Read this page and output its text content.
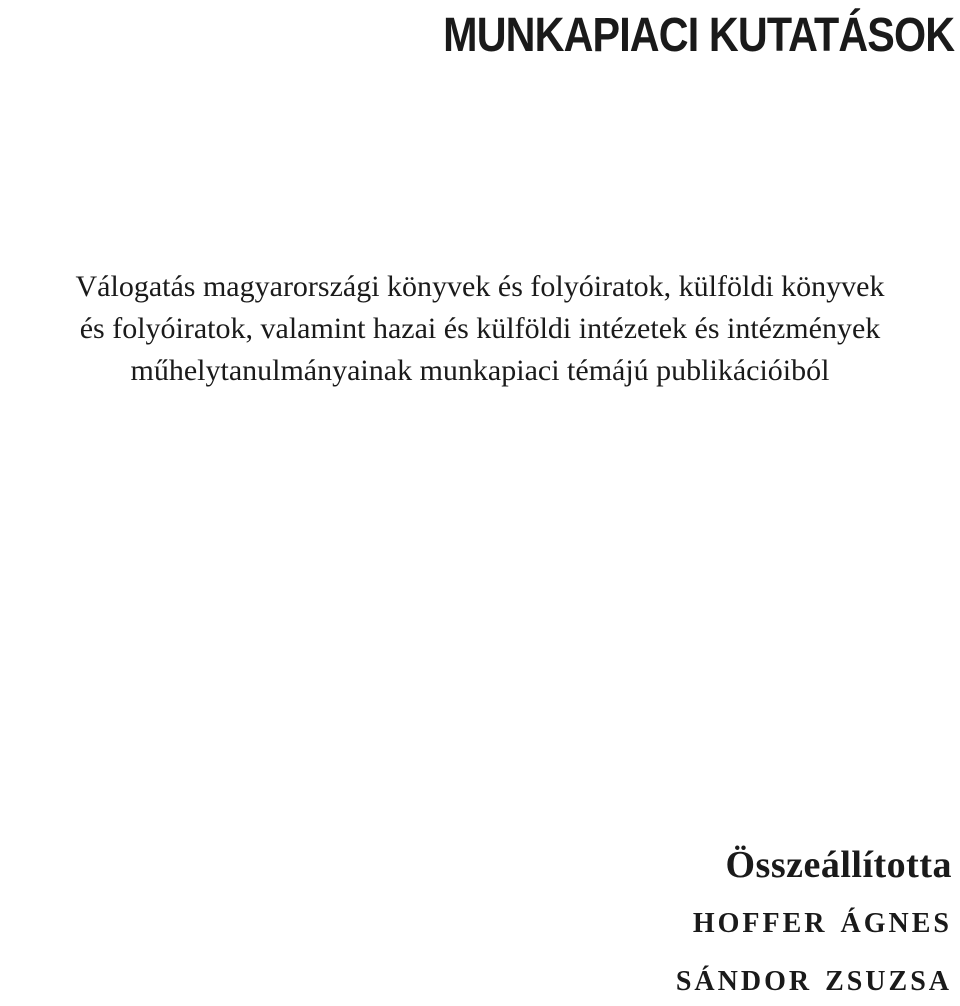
MUNKAPIACI KUTATÁSOK

Válogatás magyarországi könyvek és folyóiratok, külföldi könyvek
és folyóiratok, valamint hazai és külföldi intézetek és intézmények
műhelytanulmányainak munkapiaci témájú publikációiból

Összeállította

hoffer ágnes

sándor zsuzsa
